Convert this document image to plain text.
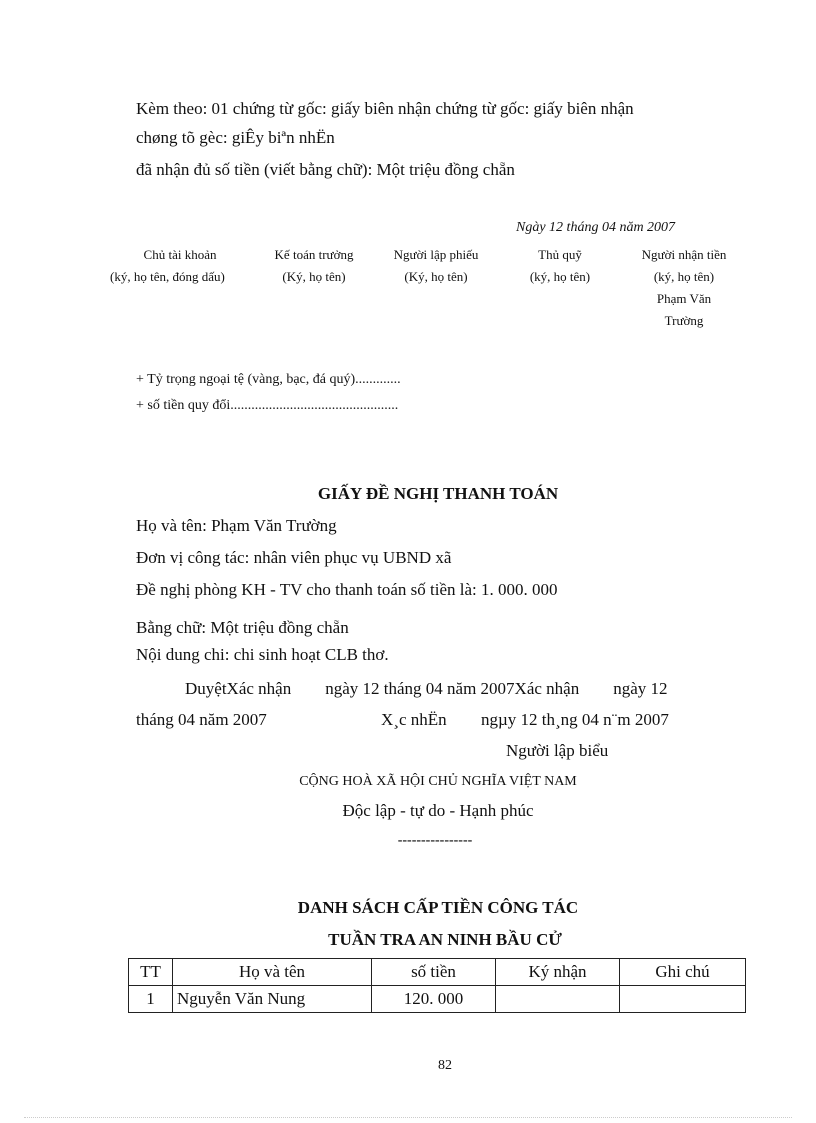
Kèm theo: 01 chứng từ gốc: giấy biên nhận chứng từ gốc: giấy biên nhận
chøng tõ gèc: giÊy biªn nhËn
đã nhận đủ số tiền (viết bằng chữ): Một triệu đồng chẵn
Ngày 12 tháng 04 năm 2007
Chủ tài khoản
(ký, họ tên, đóng dấu)
Kế toán trưởng
(Ký, họ tên)
Người lập phiếu
(Ký, họ tên)
Thủ quỹ
(ký, họ tên)
Người nhận tiền
(ký, họ tên)
Phạm Văn Trường
+ Tỷ trọng ngoại tệ (vàng, bạc, đá quý).............
+ số tiền quy đổi................................................
GIẤY ĐỀ NGHỊ THANH TOÁN
Họ và tên: Phạm Văn Trường
Đơn vị công tác: nhân viên phục vụ UBND xã
Đề nghị phòng KH - TV cho thanh toán số tiền là: 1. 000. 000
Bằng chữ: Một triệu đồng chẵn
Nội dung chi: chi sinh hoạt CLB thơ.
DuyệtXác nhận        ngày 12 tháng 04 năm 2007Xác nhận        ngày 12
tháng 04 năm 2007	X¸c nhËn ngµy 12 th¸ng 04 n¨m 2007
Người lập biểu
CỘNG HOÀ XÃ HỘI CHỦ NGHĨA VIỆT NAM
Độc lập - tự do - Hạnh phúc
----------------
DANH SÁCH CẤP TIỀN CÔNG TÁC
TUẦN TRA AN NINH BẦU CỬ
TT	Họ và tên	số tiền	Ký nhận	Ghi chú
1	Nguyễn Văn Nung	120. 000		
82
